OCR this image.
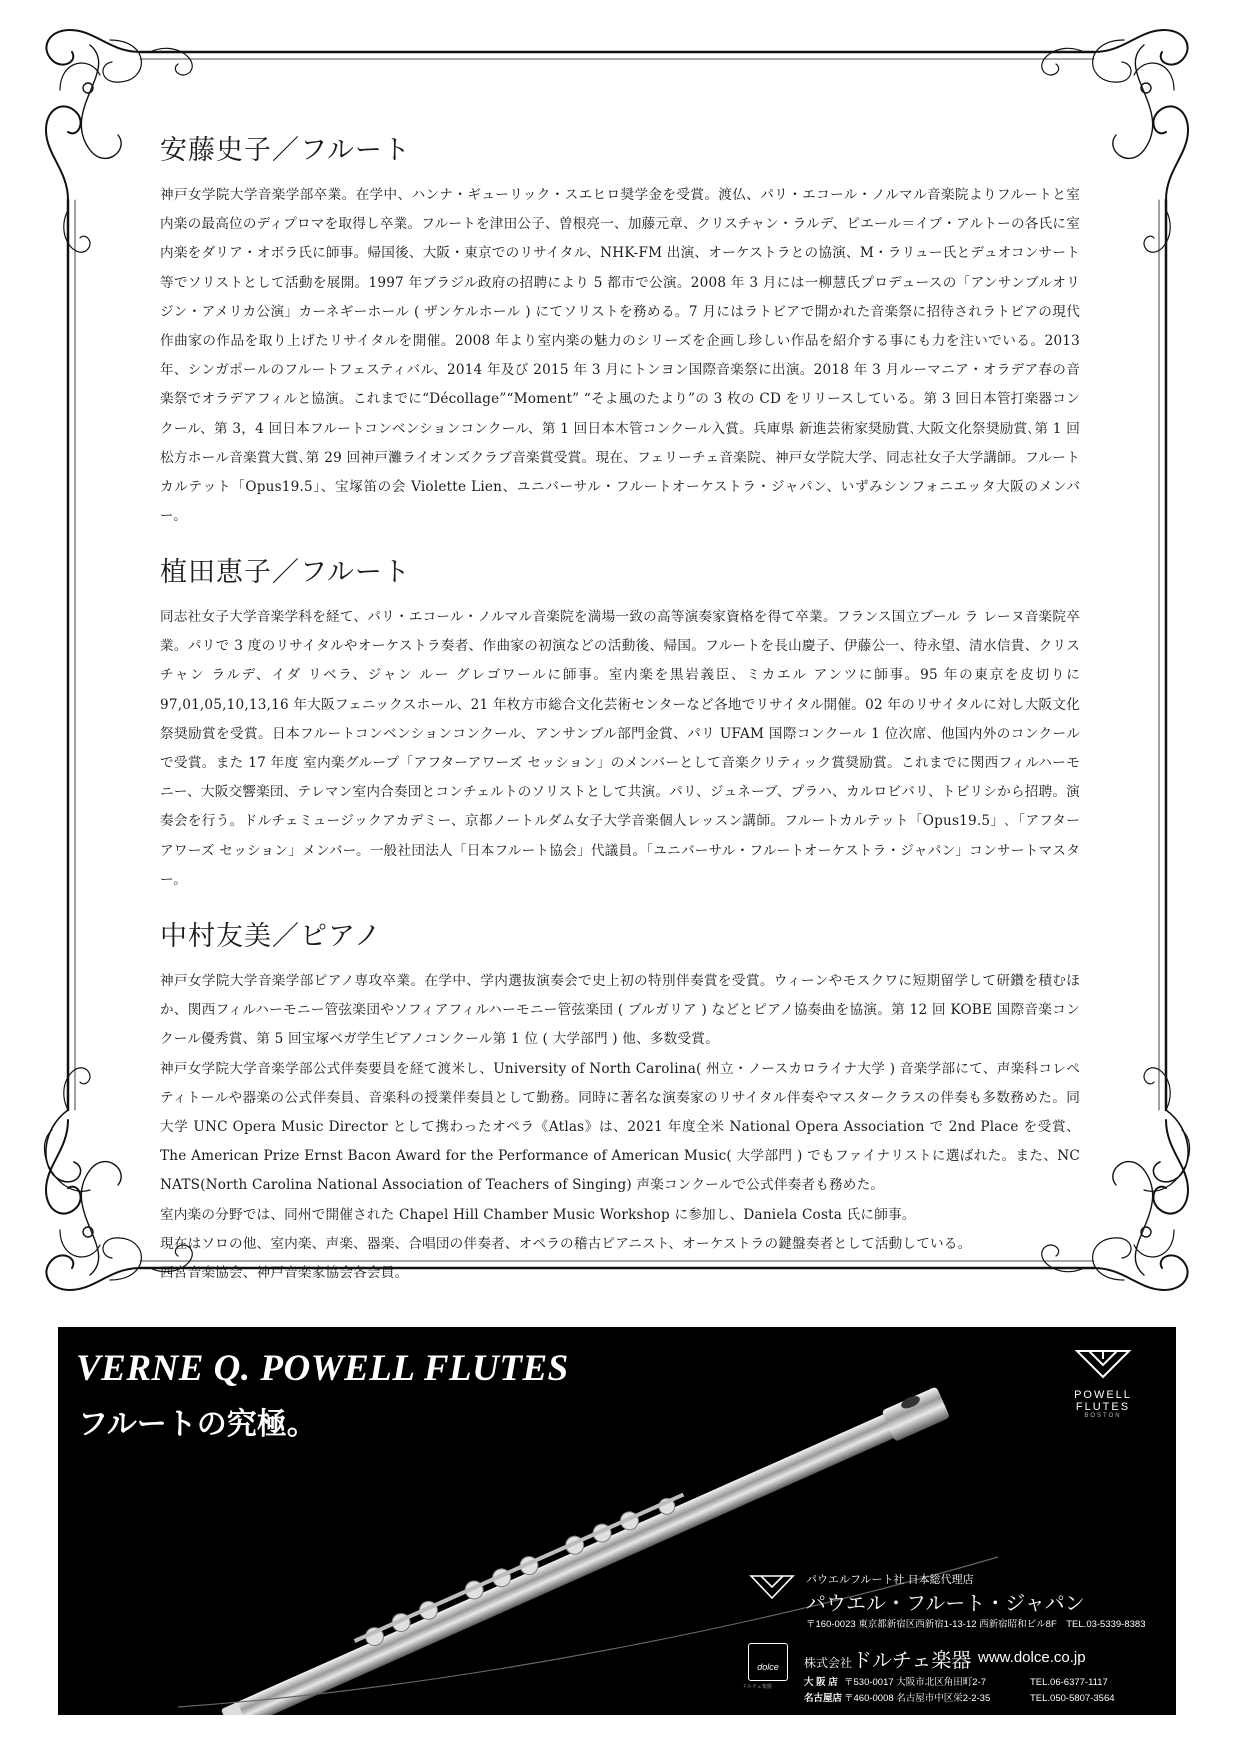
安藤史子／フルート

神戸女学院大学音楽学部卒業。在学中、ハンナ・ギューリック・スエヒロ奨学金を受賞。渡仏、パリ・エコール・ノルマル音楽院よりフルートと室内楽の最高位のディプロマを取得し卒業。フルートを津田公子、曽根亮一、加藤元章、クリスチャン・ラルデ、ピエール＝イブ・アルトーの各氏に室内楽をダリア・オボラ氏に師事。帰国後、大阪・東京でのリサイタル、NHK-FM 出演、オーケストラとの協演、M・ラリュー氏とデュオコンサート等でソリストとして活動を展開。1997 年ブラジル政府の招聘により 5 都市で公演。2008 年 3 月には一柳慧氏プロデュースの「アンサンブルオリジン・アメリカ公演」カーネギーホール ( ザンケルホール ) にてソリストを務める。7 月にはラトビアで開かれた音楽祭に招待されラトビアの現代作曲家の作品を取り上げたリサイタルを開催。2008 年より室内楽の魅力のシリーズを企画し珍しい作品を紹介する事にも力を注いでいる。2013 年、シンガポールのフルートフェスティバル、2014 年及び 2015 年 3 月にトンヨン国際音楽祭に出演。2018 年 3 月ルーマニア・オラデア春の音楽祭でオラデアフィルと協演。これまでに“Décollage”“Moment” “そよ風のたより”の 3 枚の CD をリリースしている。第 3 回日本管打楽器コンクール、第 3，4 回日本フルートコンベンションコンクール、第 1 回日本木管コンクール入賞。兵庫県 新進芸術家奨励賞､大阪文化祭奨励賞､第 1 回松方ホール音楽賞大賞､第 29 回神戸灘ライオンズクラブ音楽賞受賞。現在、フェリーチェ音楽院、神戸女学院大学、同志社女子大学講師。フルートカルテット「Opus19.5」、宝塚笛の会 Violette Lien、ユニバーサル・フルートオーケストラ・ジャパン、いずみシンフォニエッタ大阪のメンバー。

植田恵子／フルート

同志社女子大学音楽学科を経て、パリ・エコール・ノルマル音楽院を満場一致の高等演奏家資格を得て卒業。フランス国立ブール ラ レーヌ音楽院卒業。パリで 3 度のリサイタルやオーケストラ奏者、作曲家の初演などの活動後、帰国。フルートを長山慶子、伊藤公一、待永望、清水信貴、クリスチャン ラルデ、イダ リベラ、ジャン ルー グレゴワールに師事。室内楽を黒岩義臣、ミカエル アンツに師事。95 年の東京を皮切りに 97,01,05,10,13,16 年大阪フェニックスホール、21 年枚方市総合文化芸術センターなど各地でリサイタル開催。02 年のリサイタルに対し大阪文化祭奨励賞を受賞。日本フルートコンベンションコンクール、アンサンブル部門金賞、パリ UFAM 国際コンクール 1 位次席、他国内外のコンクールで受賞。また 17 年度 室内楽グループ「アフターアワーズ セッション」のメンバーとして音楽クリティック賞奨励賞。これまでに関西フィルハーモニー、大阪交響楽団、テレマン室内合奏団とコンチェルトのソリストとして共演。パリ、ジュネーブ、プラハ、カルロビバリ、トビリシから招聘。演奏会を行う。ドルチェミュージックアカデミー、京都ノートルダム女子大学音楽個人レッスン講師。フルートカルテット「Opus19.5」､「アフター アワーズ セッション」メンバー。一般社団法人「日本フルート協会」代議員。「ユニバーサル・フルートオーケストラ・ジャパン」コンサートマスター。

中村友美／ピアノ

神戸女学院大学音楽学部ピアノ専攻卒業。在学中、学内選抜演奏会で史上初の特別伴奏賞を受賞。ウィーンやモスクワに短期留学して研鑽を積むほか、関西フィルハーモニー管弦楽団やソフィアフィルハーモニー管弦楽団 ( ブルガリア ) などとピアノ協奏曲を協演。第 12 回 KOBE 国際音楽コンクール優秀賞、第 5 回宝塚ベガ学生ピアノコンクール第 1 位 ( 大学部門 ) 他、多数受賞。

神戸女学院大学音楽学部公式伴奏要員を経て渡米し、University of North Carolina( 州立・ノースカロライナ大学 ) 音楽学部にて、声楽科コレペティトールや器楽の公式伴奏員、音楽科の授業伴奏員として勤務。同時に著名な演奏家のリサイタル伴奏やマスタークラスの伴奏も多数務めた。同大学 UNC Opera Music Director として携わったオペラ《Atlas》は、2021 年度全米 National Opera Association で 2nd Place を受賞、The American Prize Ernst Bacon Award for the Performance of American Music( 大学部門 ) でもファイナリストに選ばれた。また、NC NATS(North Carolina National Association of Teachers of Singing) 声楽コンクールで公式伴奏者も務めた。

室内楽の分野では、同州で開催された Chapel Hill Chamber Music Workshop に参加し、Daniela Costa 氏に師事。

現在はソロの他、室内楽、声楽、器楽、合唱団の伴奏者、オペラの稽古ピアニスト、オーケストラの鍵盤奏者として活動している。

西宮音楽協会、神戸音楽家協会各会員。

VERNE Q. POWELL FLUTES
フルートの究極。
POWELL FLUTES
BOSTON
パウエルフルート社 日本総代理店
パウエル・フルート・ジャパン
〒160-0023 東京都新宿区西新宿1-13-12 西新宿昭和ビル8F　TEL.03-5339-8383
dolce
ドルチェ楽器
株式会社ドルチェ楽器 www.dolce.co.jp
大 阪 店 〒530-0017 大阪市北区角田町2-7	TEL.06-6377-1117
名古屋店 〒460-0008 名古屋市中区栄2-2-35	TEL.050-5807-3564
